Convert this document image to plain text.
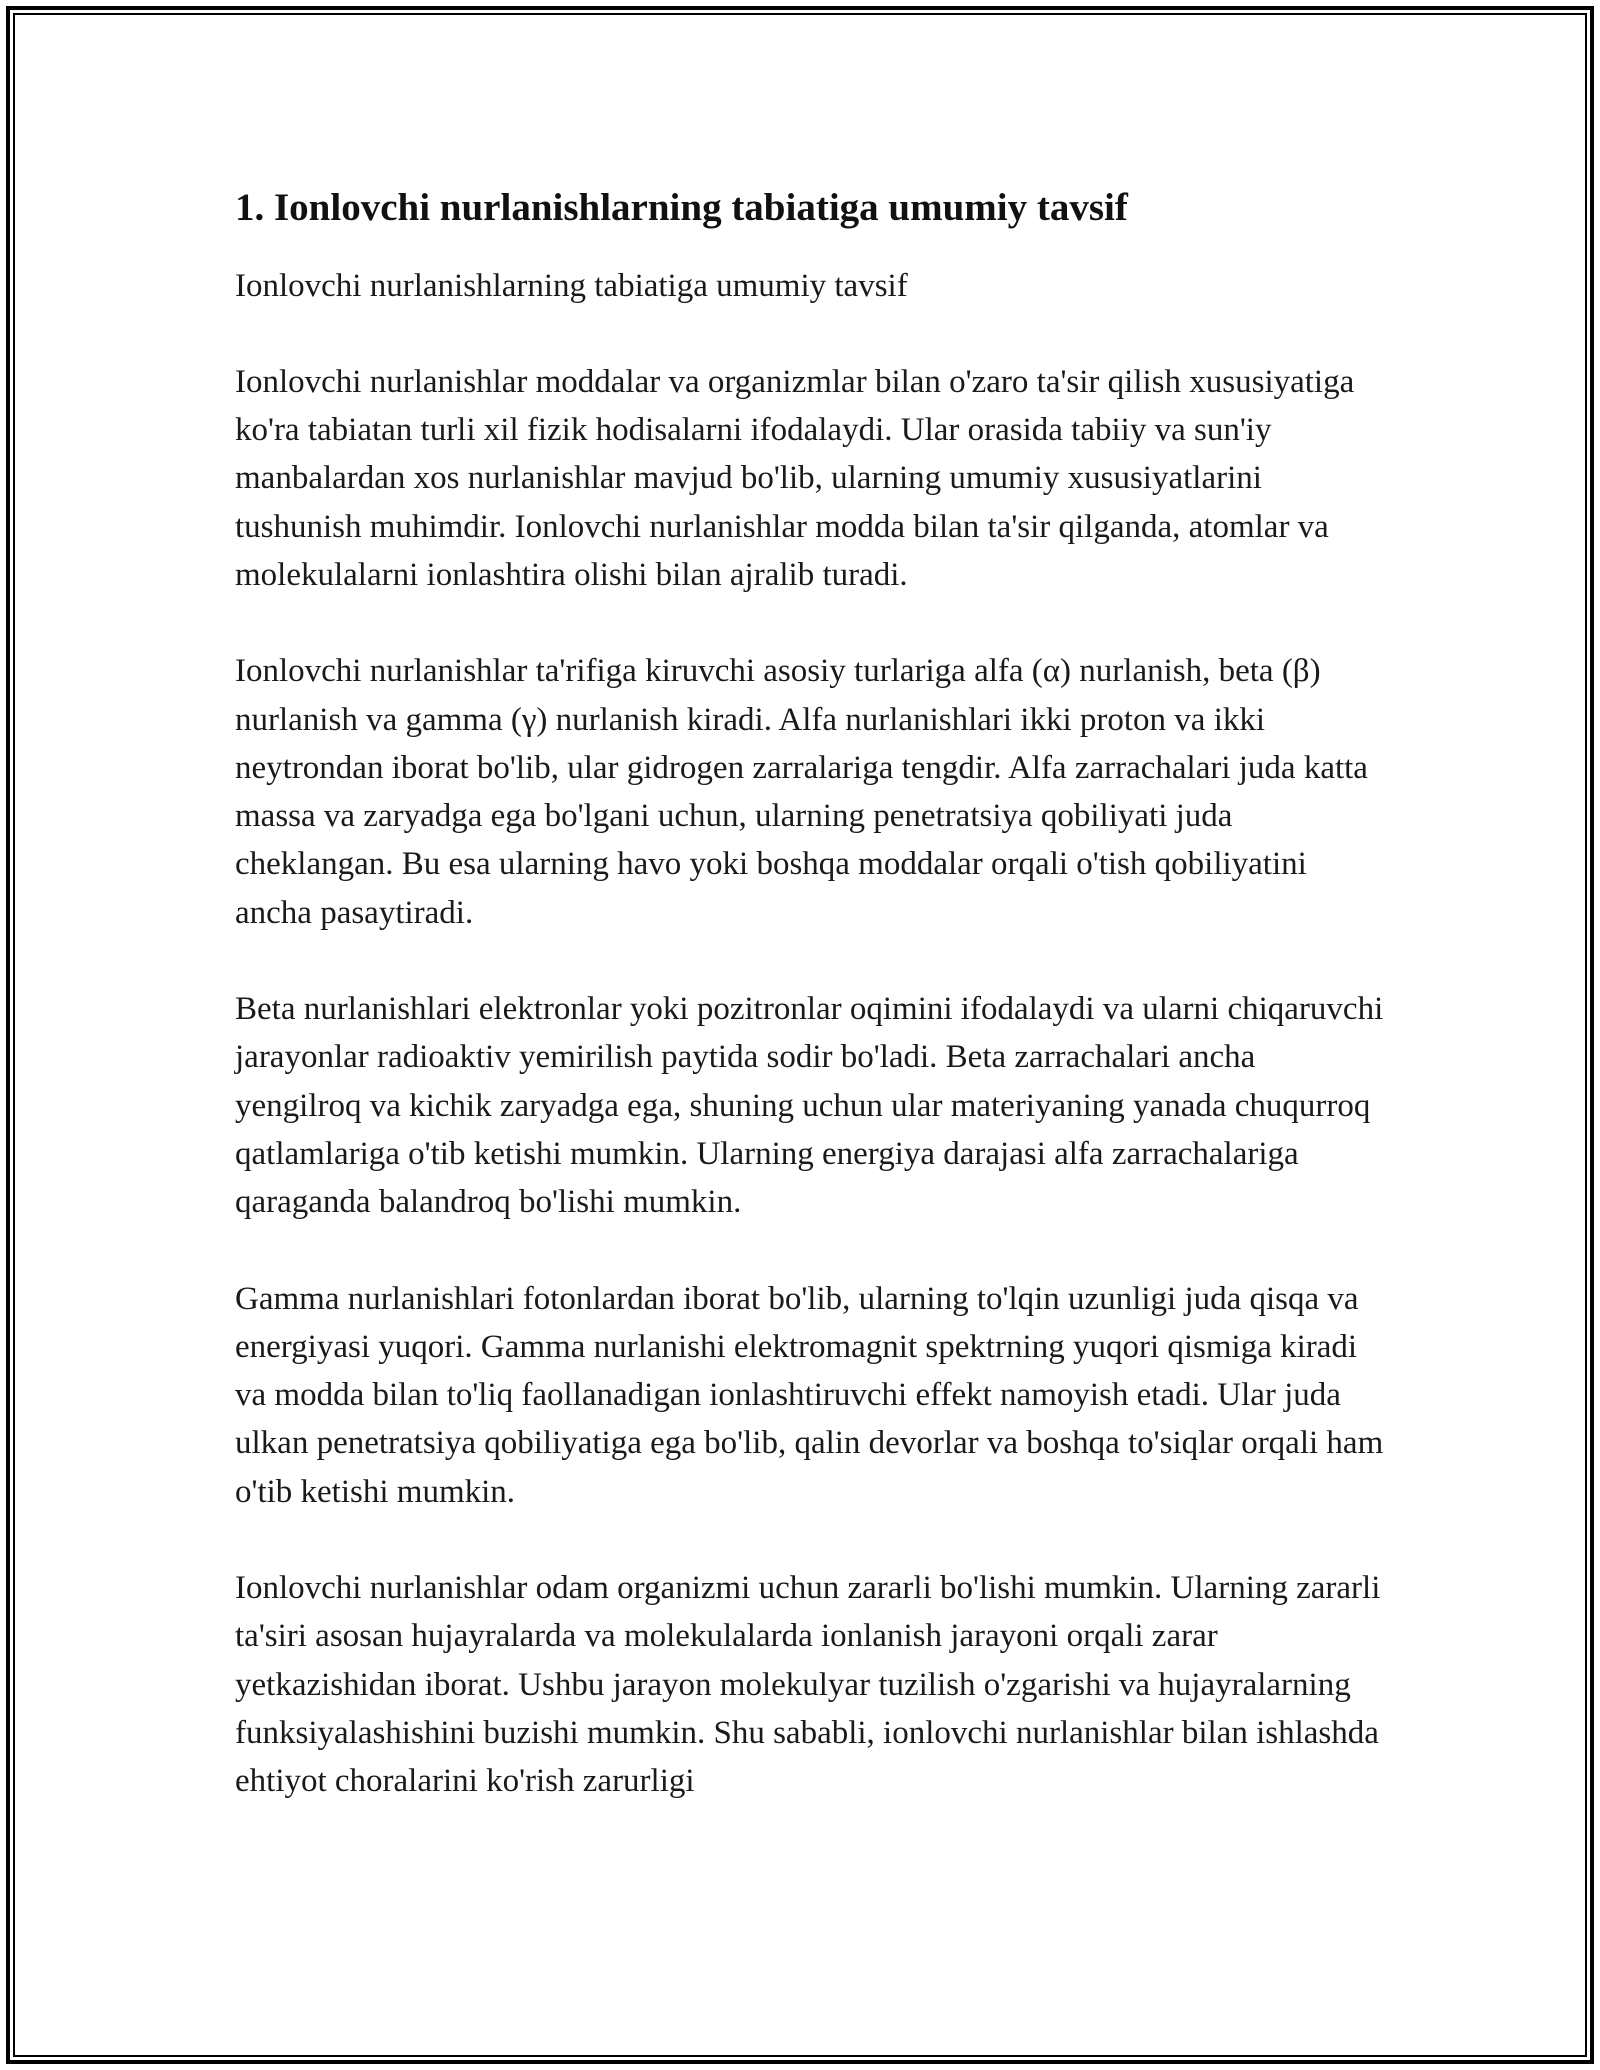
1. Ionlovchi nurlanishlarning tabiatiga umumiy tavsif

Ionlovchi nurlanishlarning tabiatiga umumiy tavsif

Ionlovchi nurlanishlar moddalar va organizmlar bilan o'zaro ta'sir qilish xususiyatiga ko'ra tabiatan turli xil fizik hodisalarni ifodalaydi. Ular orasida tabiiy va sun'iy manbalardan xos nurlanishlar mavjud bo'lib, ularning umumiy xususiyatlarini tushunish muhimdir. Ionlovchi nurlanishlar modda bilan ta'sir qilganda, atomlar va molekulalarni ionlashtira olishi bilan ajralib turadi.

Ionlovchi nurlanishlar ta'rifiga kiruvchi asosiy turlariga alfa (α) nurlanish, beta (β) nurlanish va gamma (γ) nurlanish kiradi. Alfa nurlanishlari ikki proton va ikki neytrondan iborat bo'lib, ular gidrogen zarralariga tengdir. Alfa zarrachalari juda katta massa va zaryadga ega bo'lgani uchun, ularning penetratsiya qobiliyati juda cheklangan. Bu esa ularning havo yoki boshqa moddalar orqali o'tish qobiliyatini ancha pasaytiradi.

Beta nurlanishlari elektronlar yoki pozitronlar oqimini ifodalaydi va ularni chiqaruvchi jarayonlar radioaktiv yemirilish paytida sodir bo'ladi. Beta zarrachalari ancha yengilroq va kichik zaryadga ega, shuning uchun ular materiyaning yanada chuqurroq qatlamlariga o'tib ketishi mumkin. Ularning energiya darajasi alfa zarrachalariga qaraganda balandroq bo'lishi mumkin.

Gamma nurlanishlari fotonlardan iborat bo'lib, ularning to'lqin uzunligi juda qisqa va energiyasi yuqori. Gamma nurlanishi elektromagnit spektrning yuqori qismiga kiradi va modda bilan to'liq faollanadigan ionlashtiruvchi effekt namoyish etadi. Ular juda ulkan penetratsiya qobiliyatiga ega bo'lib, qalin devorlar va boshqa to'siqlar orqali ham o'tib ketishi mumkin.

Ionlovchi nurlanishlar odam organizmi uchun zararli bo'lishi mumkin. Ularning zararli ta'siri asosan hujayralarda va molekulalarda ionlanish jarayoni orqali zarar yetkazishidan iborat. Ushbu jarayon molekulyar tuzilish o'zgarishi va hujayralarning funksiyalashishini buzishi mumkin. Shu sababli, ionlovchi nurlanishlar bilan ishlashda ehtiyot choralarini ko'rish zarurligi
